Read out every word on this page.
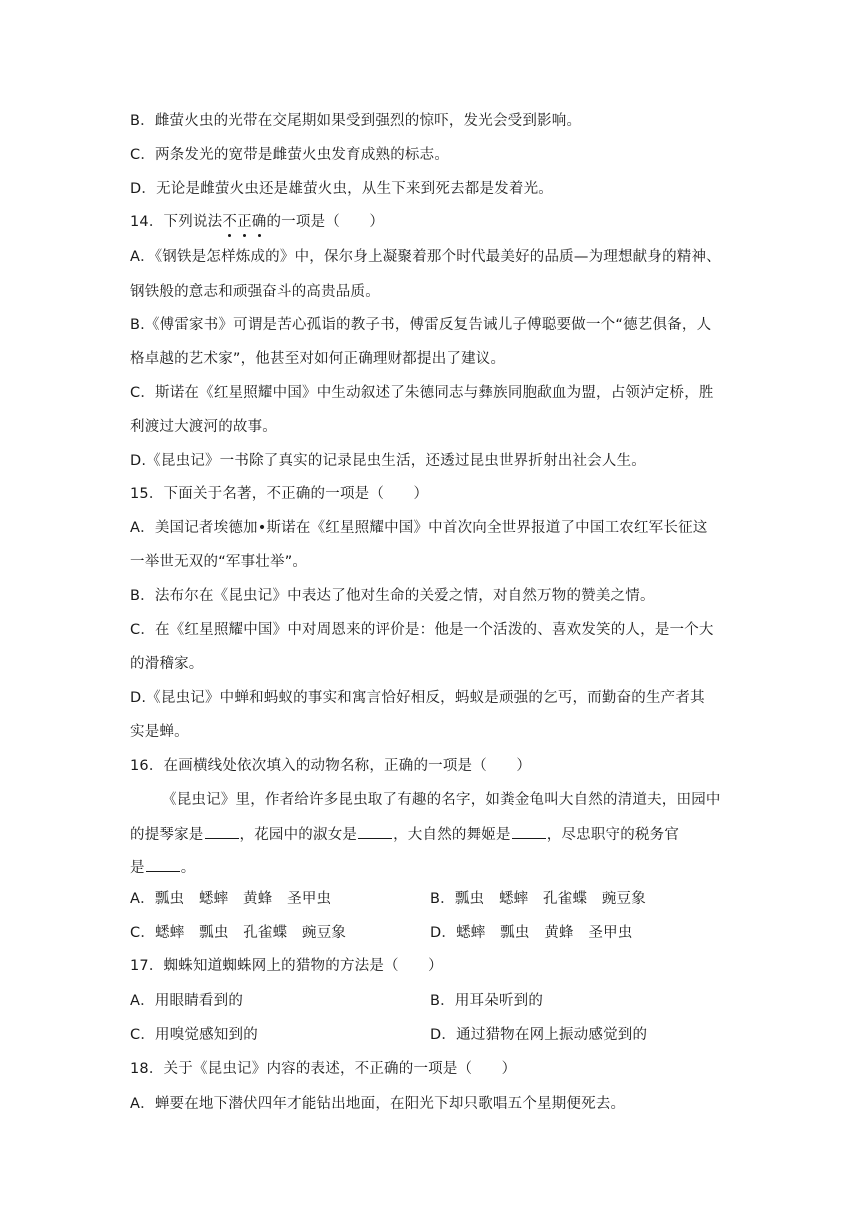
B．雌萤火虫的光带在交尾期如果受到强烈的惊吓，发光会受到影响。
C．两条发光的宽带是雌萤火虫发育成熟的标志。
D．无论是雌萤火虫还是雄萤火虫，从生下来到死去都是发着光。
14．下列说法不正确的一项是（　　）
A．《钢铁是怎样炼成的》中，保尔身上凝聚着那个时代最美好的品质—为理想献身的精神、
钢铁般的意志和顽强奋斗的高贵品质。
B.《傅雷家书》可谓是苦心孤诣的教子书，傅雷反复告诫儿子傅聪要做一个“德艺俱备，人
格卓越的艺术家”，他甚至对如何正确理财都提出了建议。
C．斯诺在《红星照耀中国》中生动叙述了朱德同志与彝族同胞歃血为盟，占领泸定桥，胜
利渡过大渡河的故事。
D.《昆虫记》一书除了真实的记录昆虫生活，还透过昆虫世界折射出社会人生。
15．下面关于名著，不正确的一项是（　　）
A．美国记者埃德加•斯诺在《红星照耀中国》中首次向全世界报道了中国工农红军长征这
一举世无双的“军事壮举”。
B．法布尔在《昆虫记》中表达了他对生命的关爱之情，对自然万物的赞美之情。
C．在《红星照耀中国》中对周恩来的评价是：他是一个活泼的、喜欢发笑的人，是一个大
的滑稽家。
D.《昆虫记》中蝉和蚂蚁的事实和寓言恰好相反，蚂蚁是顽强的乞丐，而勤奋的生产者其
实是蝉。
16．在画横线处依次填入的动物名称，正确的一项是（　　）
《昆虫记》里，作者给许多昆虫取了有趣的名字，如粪金龟叫大自然的清道夫，田园中
的提琴家是 ，花园中的淑女是 ，大自然的舞姬是 ，尽忠职守的税务官
是 。
A．瓢虫　蟋蟀　黄蜂　圣甲虫	B．瓢虫　蟋蟀　孔雀蝶　豌豆象
C．蟋蟀　瓢虫　孔雀蝶　豌豆象	D．蟋蟀　瓢虫　黄蜂　圣甲虫
17．蜘蛛知道蜘蛛网上的猎物的方法是（　　）
A．用眼睛看到的	B．用耳朵听到的
C．用嗅觉感知到的	D．通过猎物在网上振动感觉到的
18．关于《昆虫记》内容的表述，不正确的一项是（　　）
A．蝉要在地下潜伏四年才能钻出地面，在阳光下却只歌唱五个星期便死去。
